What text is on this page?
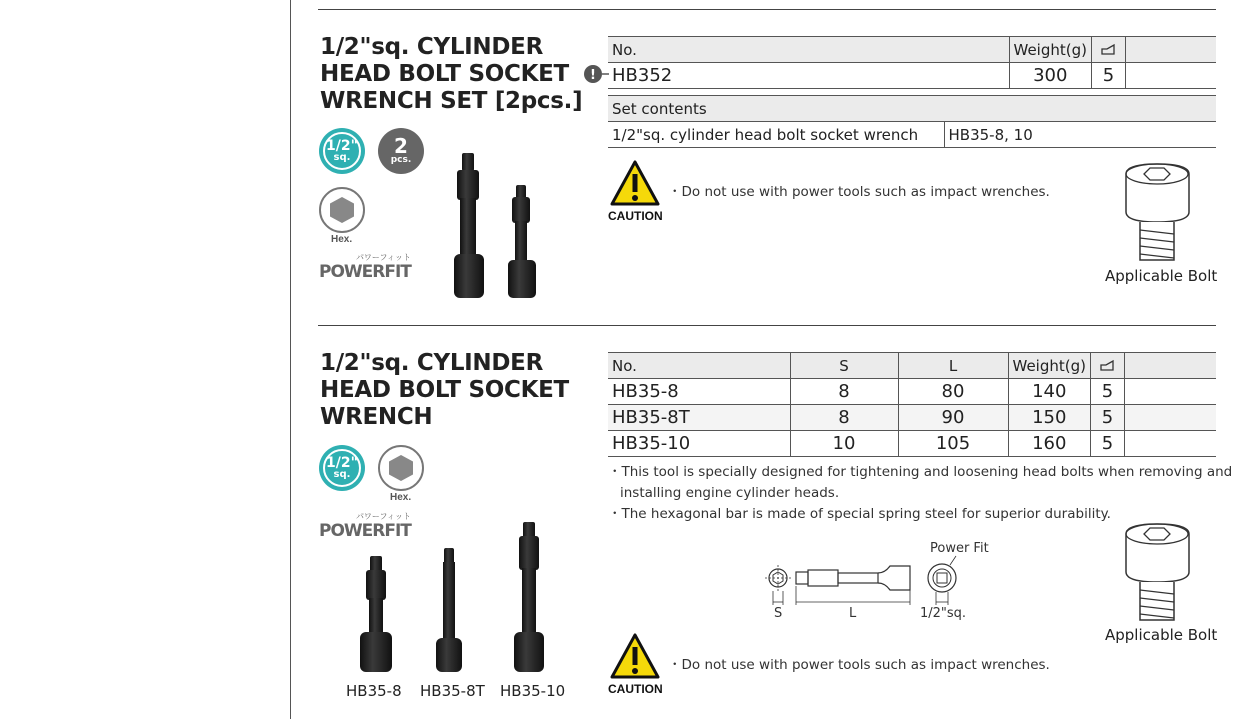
1/2"sq. CYLINDER
HEAD BOLT SOCKET
WRENCH SET [2pcs.]
1/2"
sq. 2
pcs.
Hex.
POWERFIT
パワーフィット
!
No.	Weight(g)		
HB352	300	5	
Set contents
1/2"sq. cylinder head bolt socket wrench	HB35-8, 10
CAUTION
・Do not use with power tools such as impact wrenches.
Applicable Bolt
1/2"sq. CYLINDER
HEAD BOLT SOCKET
WRENCH
1/2"
sq.
Hex.
POWERFIT
パワーフィット
HB35-8 HB35-8T HB35-10
No.	S	L	Weight(g)		
HB35-8	8	80	140	5	
HB35-8T	8	90	150	5	
HB35-10	10	105	160	5	
・This tool is specially designed for tightening and loosening head bolts when removing and
installing engine cylinder heads.
・The hexagonal bar is made of special spring steel for superior durability.
Power Fit
S	L	1/2"sq.
Applicable Bolt
CAUTION
・Do not use with power tools such as impact wrenches.
